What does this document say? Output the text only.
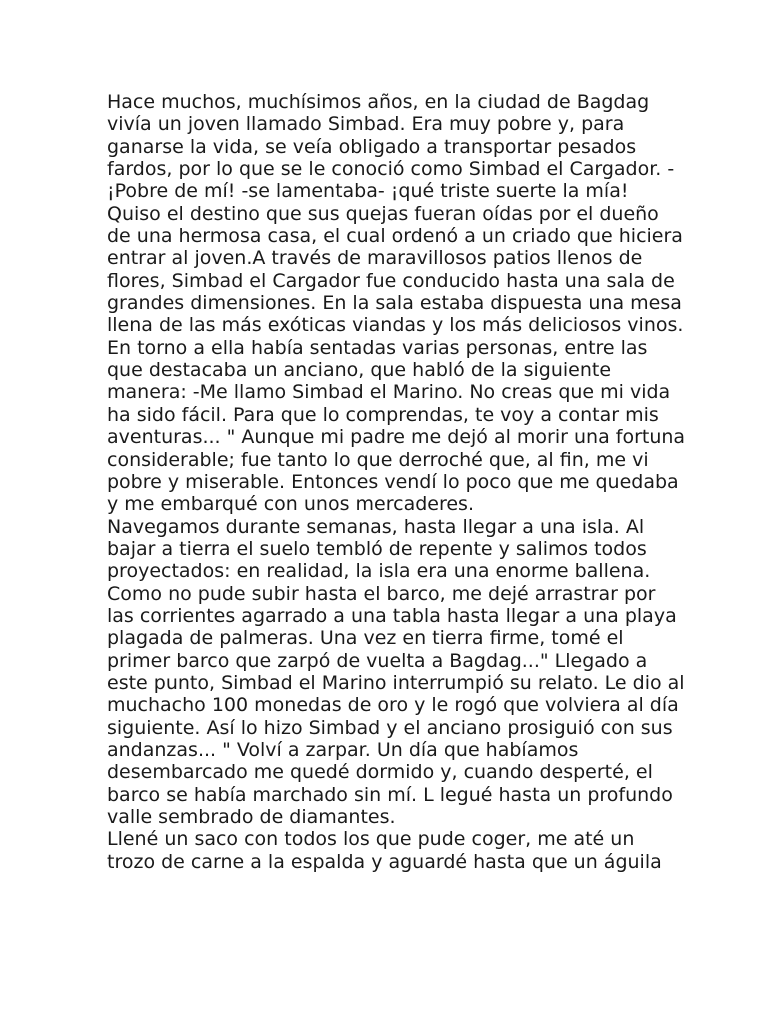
Hace muchos, muchísimos años, en la ciudad de Bagdag
vivía un joven llamado Simbad. Era muy pobre y, para
ganarse la vida, se veía obligado a transportar pesados
fardos, por lo que se le conoció como Simbad el Cargador. -
¡Pobre de mí! -se lamentaba- ¡qué triste suerte la mía!
Quiso el destino que sus quejas fueran oídas por el dueño
de una hermosa casa, el cual ordenó a un criado que hiciera
entrar al joven.A través de maravillosos patios llenos de
flores, Simbad el Cargador fue conducido hasta una sala de
grandes dimensiones. En la sala estaba dispuesta una mesa
llena de las más exóticas viandas y los más deliciosos vinos.
En torno a ella había sentadas varias personas, entre las
que destacaba un anciano, que habló de la siguiente
manera: -Me llamo Simbad el Marino. No creas que mi vida
ha sido fácil. Para que lo comprendas, te voy a contar mis
aventuras... " Aunque mi padre me dejó al morir una fortuna
considerable; fue tanto lo que derroché que, al fin, me vi
pobre y miserable. Entonces vendí lo poco que me quedaba
y me embarqué con unos mercaderes.
Navegamos durante semanas, hasta llegar a una isla. Al
bajar a tierra el suelo tembló de repente y salimos todos
proyectados: en realidad, la isla era una enorme ballena.
Como no pude subir hasta el barco, me dejé arrastrar por
las corrientes agarrado a una tabla hasta llegar a una playa
plagada de palmeras. Una vez en tierra firme, tomé el
primer barco que zarpó de vuelta a Bagdag..." Llegado a
este punto, Simbad el Marino interrumpió su relato. Le dio al
muchacho 100 monedas de oro y le rogó que volviera al día
siguiente. Así lo hizo Simbad y el anciano prosiguió con sus
andanzas... " Volví a zarpar. Un día que habíamos
desembarcado me quedé dormido y, cuando desperté, el
barco se había marchado sin mí. L legué hasta un profundo
valle sembrado de diamantes.
Llené un saco con todos los que pude coger, me até un
trozo de carne a la espalda y aguardé hasta que un águila
